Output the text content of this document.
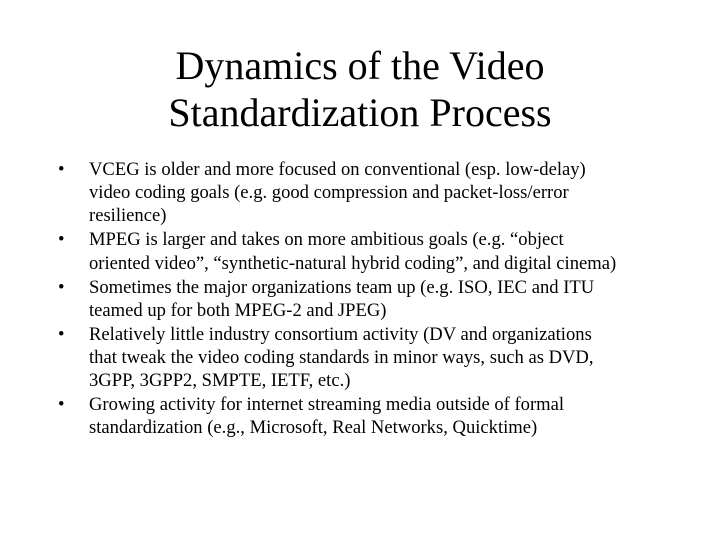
Dynamics of the Video
Standardization Process
• VCEG is older and more focused on conventional (esp. low-delay)
video coding goals (e.g. good compression and packet-loss/error
resilience)
• MPEG is larger and takes on more ambitious goals (e.g. “object
oriented video”, “synthetic-natural hybrid coding”, and digital cinema)
• Sometimes the major organizations team up (e.g. ISO, IEC and ITU
teamed up for both MPEG-2 and JPEG)
• Relatively little industry consortium activity (DV and organizations
that tweak the video coding standards in minor ways, such as DVD,
3GPP, 3GPP2, SMPTE, IETF, etc.)
• Growing activity for internet streaming media outside of formal
standardization (e.g., Microsoft, Real Networks, Quicktime)
